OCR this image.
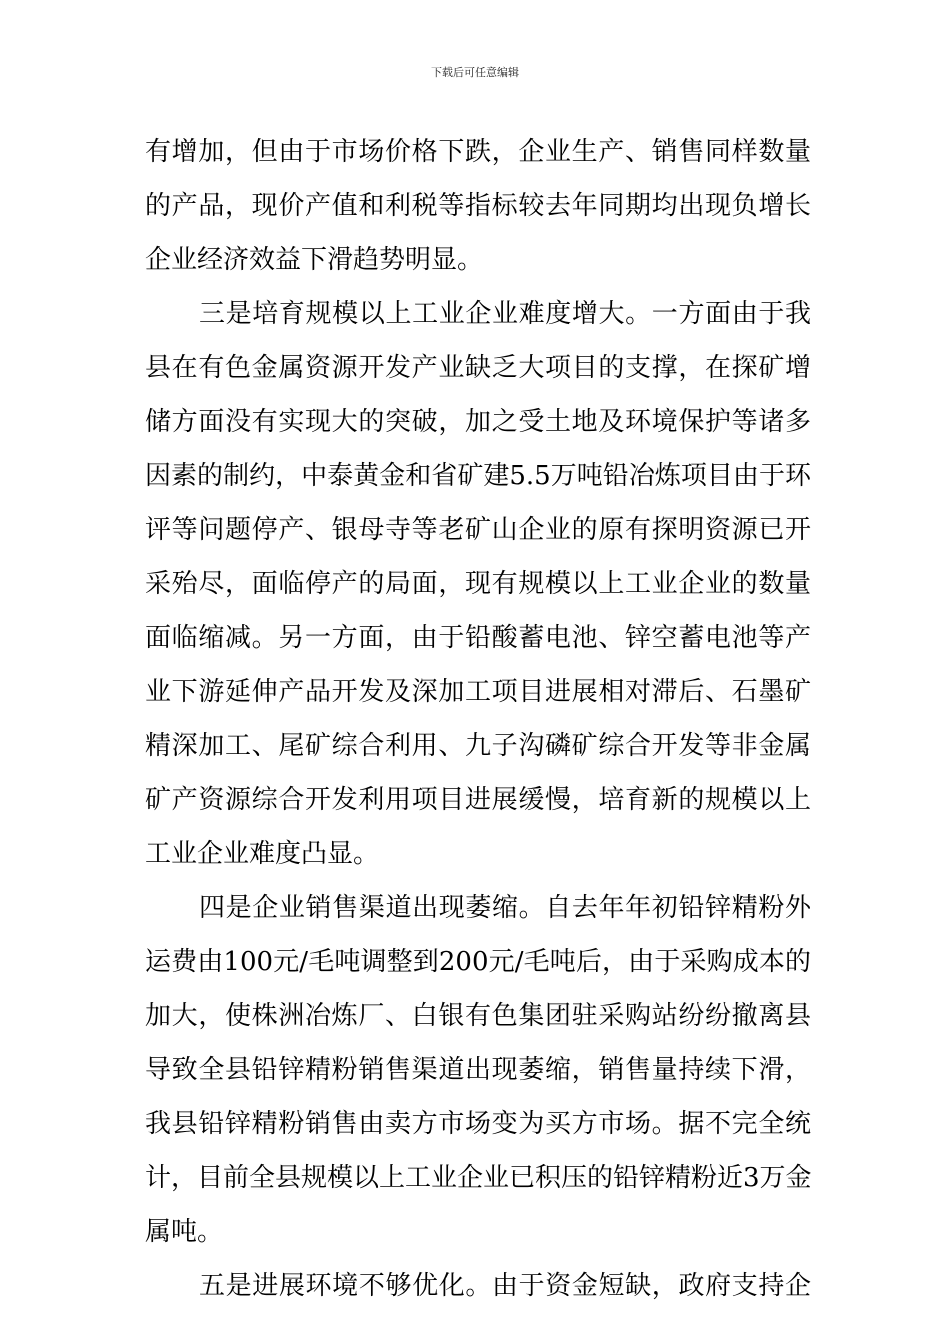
下载后可任意编辑
有增加，但由于市场价格下跌，企业生产、销售同样数量
的产品，现价产值和利税等指标较去年同期均出现负增长
企业经济效益下滑趋势明显。
三是培育规模以上工业企业难度增大。一方面由于我
县在有色金属资源开发产业缺乏大项目的支撑，在探矿增
储方面没有实现大的突破，加之受土地及环境保护等诸多
因素的制约，中泰黄金和省矿建5.5万吨铅冶炼项目由于环
评等问题停产、银母寺等老矿山企业的原有探明资源已开
采殆尽，面临停产的局面，现有规模以上工业企业的数量
面临缩减。另一方面，由于铅酸蓄电池、锌空蓄电池等产
业下游延伸产品开发及深加工项目进展相对滞后、石墨矿
精深加工、尾矿综合利用、九子沟磷矿综合开发等非金属
矿产资源综合开发利用项目进展缓慢，培育新的规模以上
工业企业难度凸显。
四是企业销售渠道出现萎缩。自去年年初铅锌精粉外
运费由100元/毛吨调整到200元/毛吨后，由于采购成本的
加大，使株洲冶炼厂、白银有色集团驻采购站纷纷撤离县
导致全县铅锌精粉销售渠道出现萎缩，销售量持续下滑，
我县铅锌精粉销售由卖方市场变为买方市场。据不完全统
计，目前全县规模以上工业企业已积压的铅锌精粉近3万金
属吨。
五是进展环境不够优化。由于资金短缺，政府支持企
